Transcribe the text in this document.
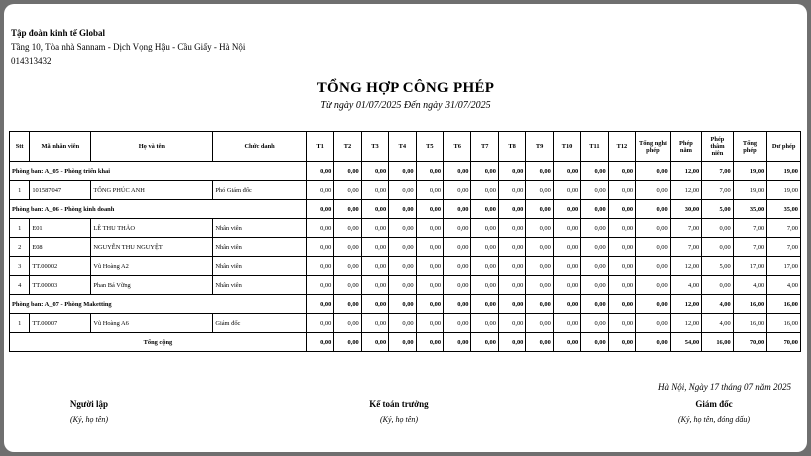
Tập đoàn kinh tế Global
Tầng 10, Tòa nhà Sannam - Dịch Vọng Hậu - Cầu Giấy - Hà Nội
014313432
TỔNG HỢP CÔNG PHÉP
Từ ngày 01/07/2025 Đến ngày 31/07/2025
Stt	Mã nhân viên	Họ và tên	Chức danh	T1	T2	T3	T4	T5	T6	T7	T8	T9	T10	T11	T12	Tổng nghỉ phép	Phép năm	Phép thâm niên	Tổng phép	Dư phép
Phòng ban: A_05 - Phòng triển khai				0,00	0,00	0,00	0,00	0,00	0,00	0,00	0,00	0,00	0,00	0,00	0,00	0,00	12,00	7,00	19,00	19,00
1	101587047	TỐNG PHÚC ANH	Phó Giám đốc	0,00	0,00	0,00	0,00	0,00	0,00	0,00	0,00	0,00	0,00	0,00	0,00	0,00	12,00	7,00	19,00	19,00
Phòng ban: A_06 - Phòng kinh doanh				0,00	0,00	0,00	0,00	0,00	0,00	0,00	0,00	0,00	0,00	0,00	0,00	0,00	30,00	5,00	35,00	35,00
1	E01	LÊ THU THẢO	Nhân viên	0,00	0,00	0,00	0,00	0,00	0,00	0,00	0,00	0,00	0,00	0,00	0,00	0,00	7,00	0,00	7,00	7,00
2	E08	NGUYỄN THU NGUYỆT	Nhân viên	0,00	0,00	0,00	0,00	0,00	0,00	0,00	0,00	0,00	0,00	0,00	0,00	0,00	7,00	0,00	7,00	7,00
3	TT.00002	Vũ Hoàng A2	Nhân viên	0,00	0,00	0,00	0,00	0,00	0,00	0,00	0,00	0,00	0,00	0,00	0,00	0,00	12,00	5,00	17,00	17,00
4	TT.00003	Phan Bá Vững	Nhân viên	0,00	0,00	0,00	0,00	0,00	0,00	0,00	0,00	0,00	0,00	0,00	0,00	0,00	4,00	0,00	4,00	4,00
Phòng ban: A_07 - Phòng Maketting				0,00	0,00	0,00	0,00	0,00	0,00	0,00	0,00	0,00	0,00	0,00	0,00	0,00	12,00	4,00	16,00	16,00
1	TT.00007	Vũ Hoàng A6	Giám đốc	0,00	0,00	0,00	0,00	0,00	0,00	0,00	0,00	0,00	0,00	0,00	0,00	0,00	12,00	4,00	16,00	16,00
Tổng cộng				0,00	0,00	0,00	0,00	0,00	0,00	0,00	0,00	0,00	0,00	0,00	0,00	0,00	54,00	16,00	70,00	70,00
Hà Nội, Ngày 17 tháng 07 năm 2025
Người lập
(Ký, họ tên)
Kế toán trưởng
(Ký, họ tên)
Giám đốc
(Ký, họ tên, đóng dấu)
